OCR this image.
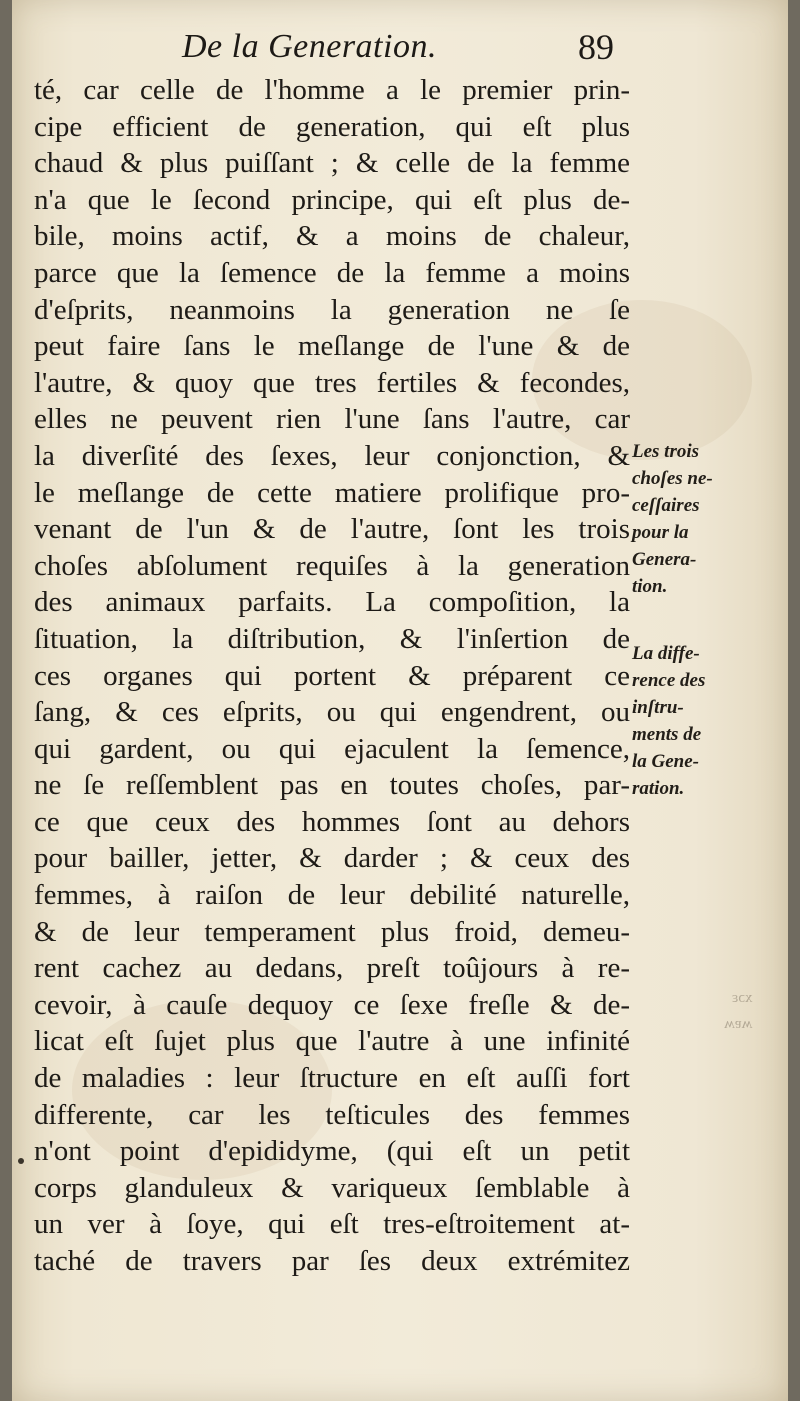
De la Generation.	89
té, car celle de l'homme a le premier prin-
cipe efficient de generation, qui eſt plus
chaud & plus puiſſant ; & celle de la femme
n'a que le ſecond principe, qui eſt plus de-
bile, moins actif, & a moins de chaleur,
parce que la ſemence de la femme a moins
d'eſprits, neanmoins la generation ne ſe
peut faire ſans le meſlange de l'une & de
l'autre, & quoy que tres fertiles & fecondes,
elles ne peuvent rien l'une ſans l'autre, car
la diverſité des ſexes, leur conjonction, &
le meſlange de cette matiere prolifique pro-
venant de l'un & de l'autre, ſont les trois
choſes abſolument requiſes à la generation
des animaux parfaits. La compoſition, la
ſituation, la diſtribution, & l'inſertion de
ces organes qui portent & préparent ce
ſang, & ces eſprits, ou qui engendrent, ou
qui gardent, ou qui ejaculent la ſemence,
ne ſe reſſemblent pas en toutes choſes, par-
ce que ceux des hommes ſont au dehors
pour bailler, jetter, & darder ; & ceux des
femmes, à raiſon de leur debilité naturelle,
& de leur temperament plus froid, demeu-
rent cachez au dedans, preſt toûjours à re-
cevoir, à cauſe dequoy ce ſexe freſle & de-
licat eſt ſujet plus que l'autre à une infinité
de maladies : leur ſtructure en eſt auſſi fort
differente, car les teſticules des femmes
n'ont point d'epididyme, (qui eſt un petit
corps glanduleux & variqueux ſemblable à
un ver à ſoye, qui eſt tres-eſtroitement at-
taché de travers par ſes deux extrémitez
Les trois
choſes ne-
ceſſaires
pour la
Genera-
tion.
La diffe-
rence des
inſtru-
ments de
la Gene-
ration.
xɔɛ
ʍɐʍ
